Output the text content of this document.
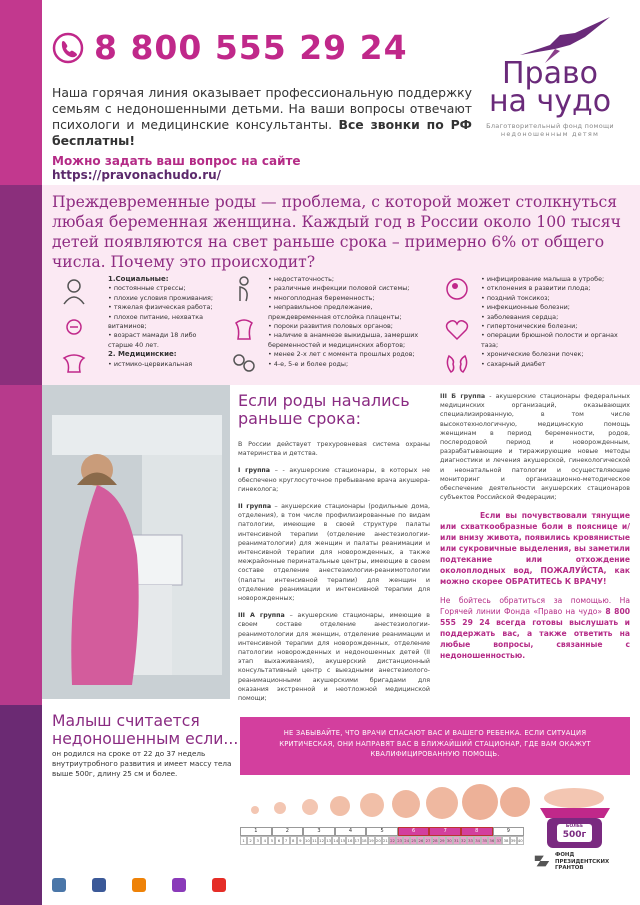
8 800 555 29 24

Наша горячая линия оказывает профессиональную поддержку семьям с недоношенными детьми. На ваши вопросы отвечают психологи и медицинские консультанты. Все звонки по РФ бесплатны!

Можно задать ваш вопрос на сайте https://pravonachudo.ru/

Право
на чудо
Благотворительный фонд помощи
недоношенным детям

Преждевременные роды — проблема, с которой может столкнуться любая беременная женщина. Каждый год в России около 100 тысяч детей появляются на свет раньше срока – примерно 6% от общего числа. Почему это происходит?

1.Социальные:

• постоянные стрессы;
• плохие условия проживания;
• тяжелая физическая работа;
• плохое питание, нехватка витаминов;
• возраст мамади 18 либо старше 40 лет.

2. Медицинские:

• истмико-цервикальная
• недостаточность;
• различные инфекции половой системы;
• многоплодная беременность;
• неправильное предлежание, преждевременная отслойка плаценты;
• пороки развития половых органов;
• наличие в анамнезе выкидыша, замерших беременностей и медицинских абортов;
• менее 2-х лет с момента прошлых родов;
• 4-е, 5-е и более роды;
• инфицирование малыша в утробе;
• отклонения в развитии плода;
• поздний токсикоз;
• инфекционные болезни;
• заболевания сердца;
• гипертонические болезни;
• операции брюшной полости и органах таза;
• хронические болезни почек;
• сахарный диабет
Если роды начались раньше срока:

В России действует трехуровневая система охраны материнства и детства.

I группа – - акушерские стационары, в которых не обеспечено круглосуточное пребывание врача акушера-гинеколога;

II группа – акушерские стационары (родильные дома, отделения), в том числе профилизированные по видам патологии, имеющие в своей структуре палаты интенсивной терапии (отделение анестезиологии-реаниматологии) для женщин и палаты реанимации и интенсивной терапии для новорожденных, а также межрайонные перинатальные центры, имеющие в своем составе отделение анестезиологии-реанимотологии (палаты интенсивной терапии) для женщин и отделение реанимации и интенсивной терапии для новорожденных;

III А группа – акушерские стационары, имеющие в своем составе отделение анестезиологии-реанимотологии для женщин, отделение реанимации и интенсивной терапии для новорожденных, отделение патологии новорожденных и недоношенных детей (II этап выхаживания), акушерский дистанционный консультативный центр с выездными анестезиолого-реанимационными акушерскими бригадами для оказания экстренной и неотложной медицинской помощи;

III Б группа - акушерские стационары федеральных медицинских организаций, оказывающих специализированную, в том числе высокотехнологичную, медицинскую помощь женщинам в период беременности, родов, послеродовой период и новорожденным, разрабатывающие и тиражирующие новые методы диагностики и лечения акушерской, гинекологической и неонатальной патологии и осуществляющие мониторинг и организационно-методическое обеспечение деятельности акушерских стационаров субъектов Российской Федерации;

Если вы почувствовали тянущие или схваткообразные боли в пояснице и/или внизу живота, появились кровянистые или сукровичные выделения, вы заметили подтекание или отхождение околоплодных вод, ПОЖАЛУЙСТА, как можно скорее ОБРАТИТЕСЬ К ВРАЧУ!

Не бойтесь обратиться за помощью. На Горячей линии Фонда «Право на чудо» 8 800 555 29 24 всегда готовы выслушать и поддержать вас, а также ответить на любые вопросы, связанные с недоношенностью.

Малыш считается
недоношенным если...

он родился на сроке от 22 до 37 недель внутриутробного развития и имеет массу тела выше 500г, длину 25 см и более.

НЕ ЗАБЫВАЙТЕ, ЧТО ВРАЧИ СПАСАЮТ ВАС И ВАШЕГО РЕБЕНКА. ЕСЛИ СИТУАЦИЯ КРИТИЧЕСКАЯ, ОНИ НАПРАВЯТ ВАС В БЛИЖАЙШИЙ СТАЦИОНАР, ГДЕ ВАМ ОКАЖУТ КВАЛИФИЦИРОВАННУЮ ПОМОЩЬ.
1	2	3	4	5	6	7	8	9
1	2	3	4	5	6	7	8	9 10 11 12 13 14 15 16 17 18 19 20 21 22 23 24 25 26 27 28 29 30 31 32 33 34 35 36 37 38 39 40
БОЛЕЕ
500г
ФОНД
ПРЕЗИДЕНТСКИХ
ГРАНТОВ
